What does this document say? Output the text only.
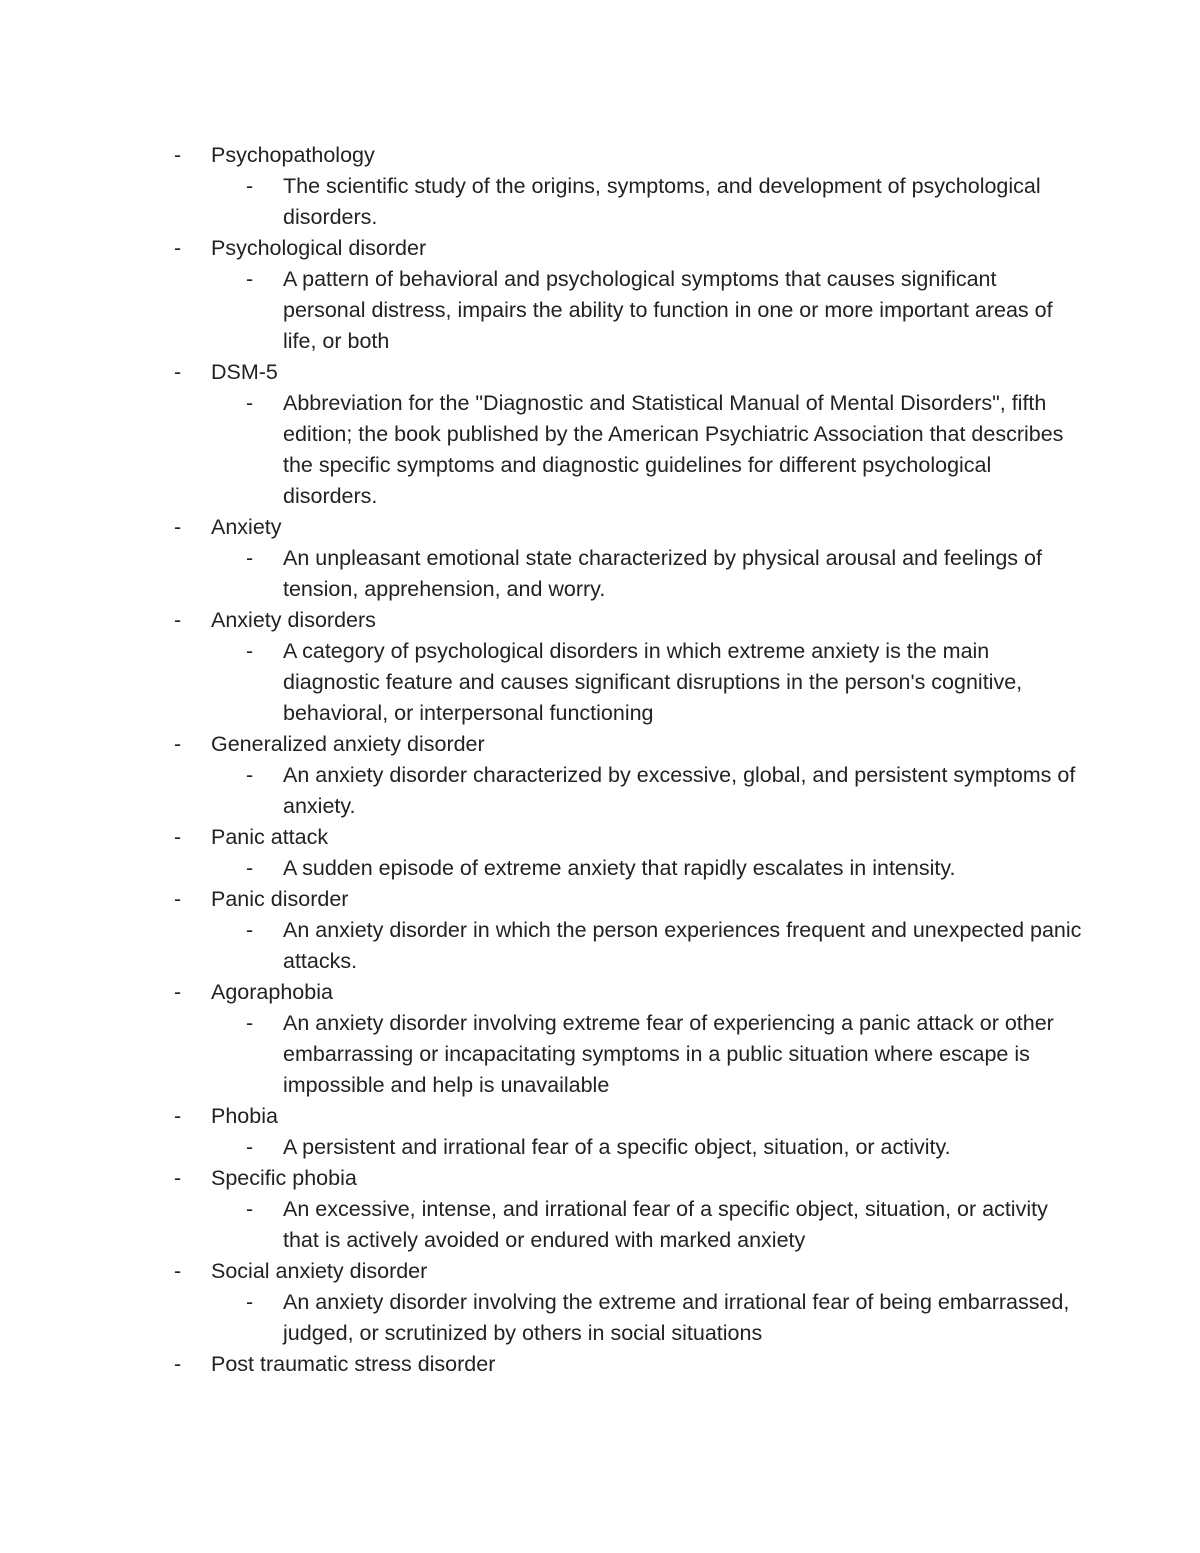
- Psychopathology
- The scientific study of the origins, symptoms, and development of psychological disorders.
- Psychological disorder
- A pattern of behavioral and psychological symptoms that causes significant personal distress, impairs the ability to function in one or more important areas of life, or both
- DSM-5
- Abbreviation for the "Diagnostic and Statistical Manual of Mental Disorders", fifth edition; the book published by the American Psychiatric Association that describes the specific symptoms and diagnostic guidelines for different psychological disorders.
- Anxiety
- An unpleasant emotional state characterized by physical arousal and feelings of tension, apprehension, and worry.
- Anxiety disorders
- A category of psychological disorders in which extreme anxiety is the main diagnostic feature and causes significant disruptions in the person's cognitive, behavioral, or interpersonal functioning
- Generalized anxiety disorder
- An anxiety disorder characterized by excessive, global, and persistent symptoms of anxiety.
- Panic attack
- A sudden episode of extreme anxiety that rapidly escalates in intensity.
- Panic disorder
- An anxiety disorder in which the person experiences frequent and unexpected panic attacks.
- Agoraphobia
- An anxiety disorder involving extreme fear of experiencing a panic attack or other embarrassing or incapacitating symptoms in a public situation where escape is impossible and help is unavailable
- Phobia
- A persistent and irrational fear of a specific object, situation, or activity.
- Specific phobia
- An excessive, intense, and irrational fear of a specific object, situation, or activity that is actively avoided or endured with marked anxiety
- Social anxiety disorder
- An anxiety disorder involving the extreme and irrational fear of being embarrassed, judged, or scrutinized by others in social situations
- Post traumatic stress disorder
